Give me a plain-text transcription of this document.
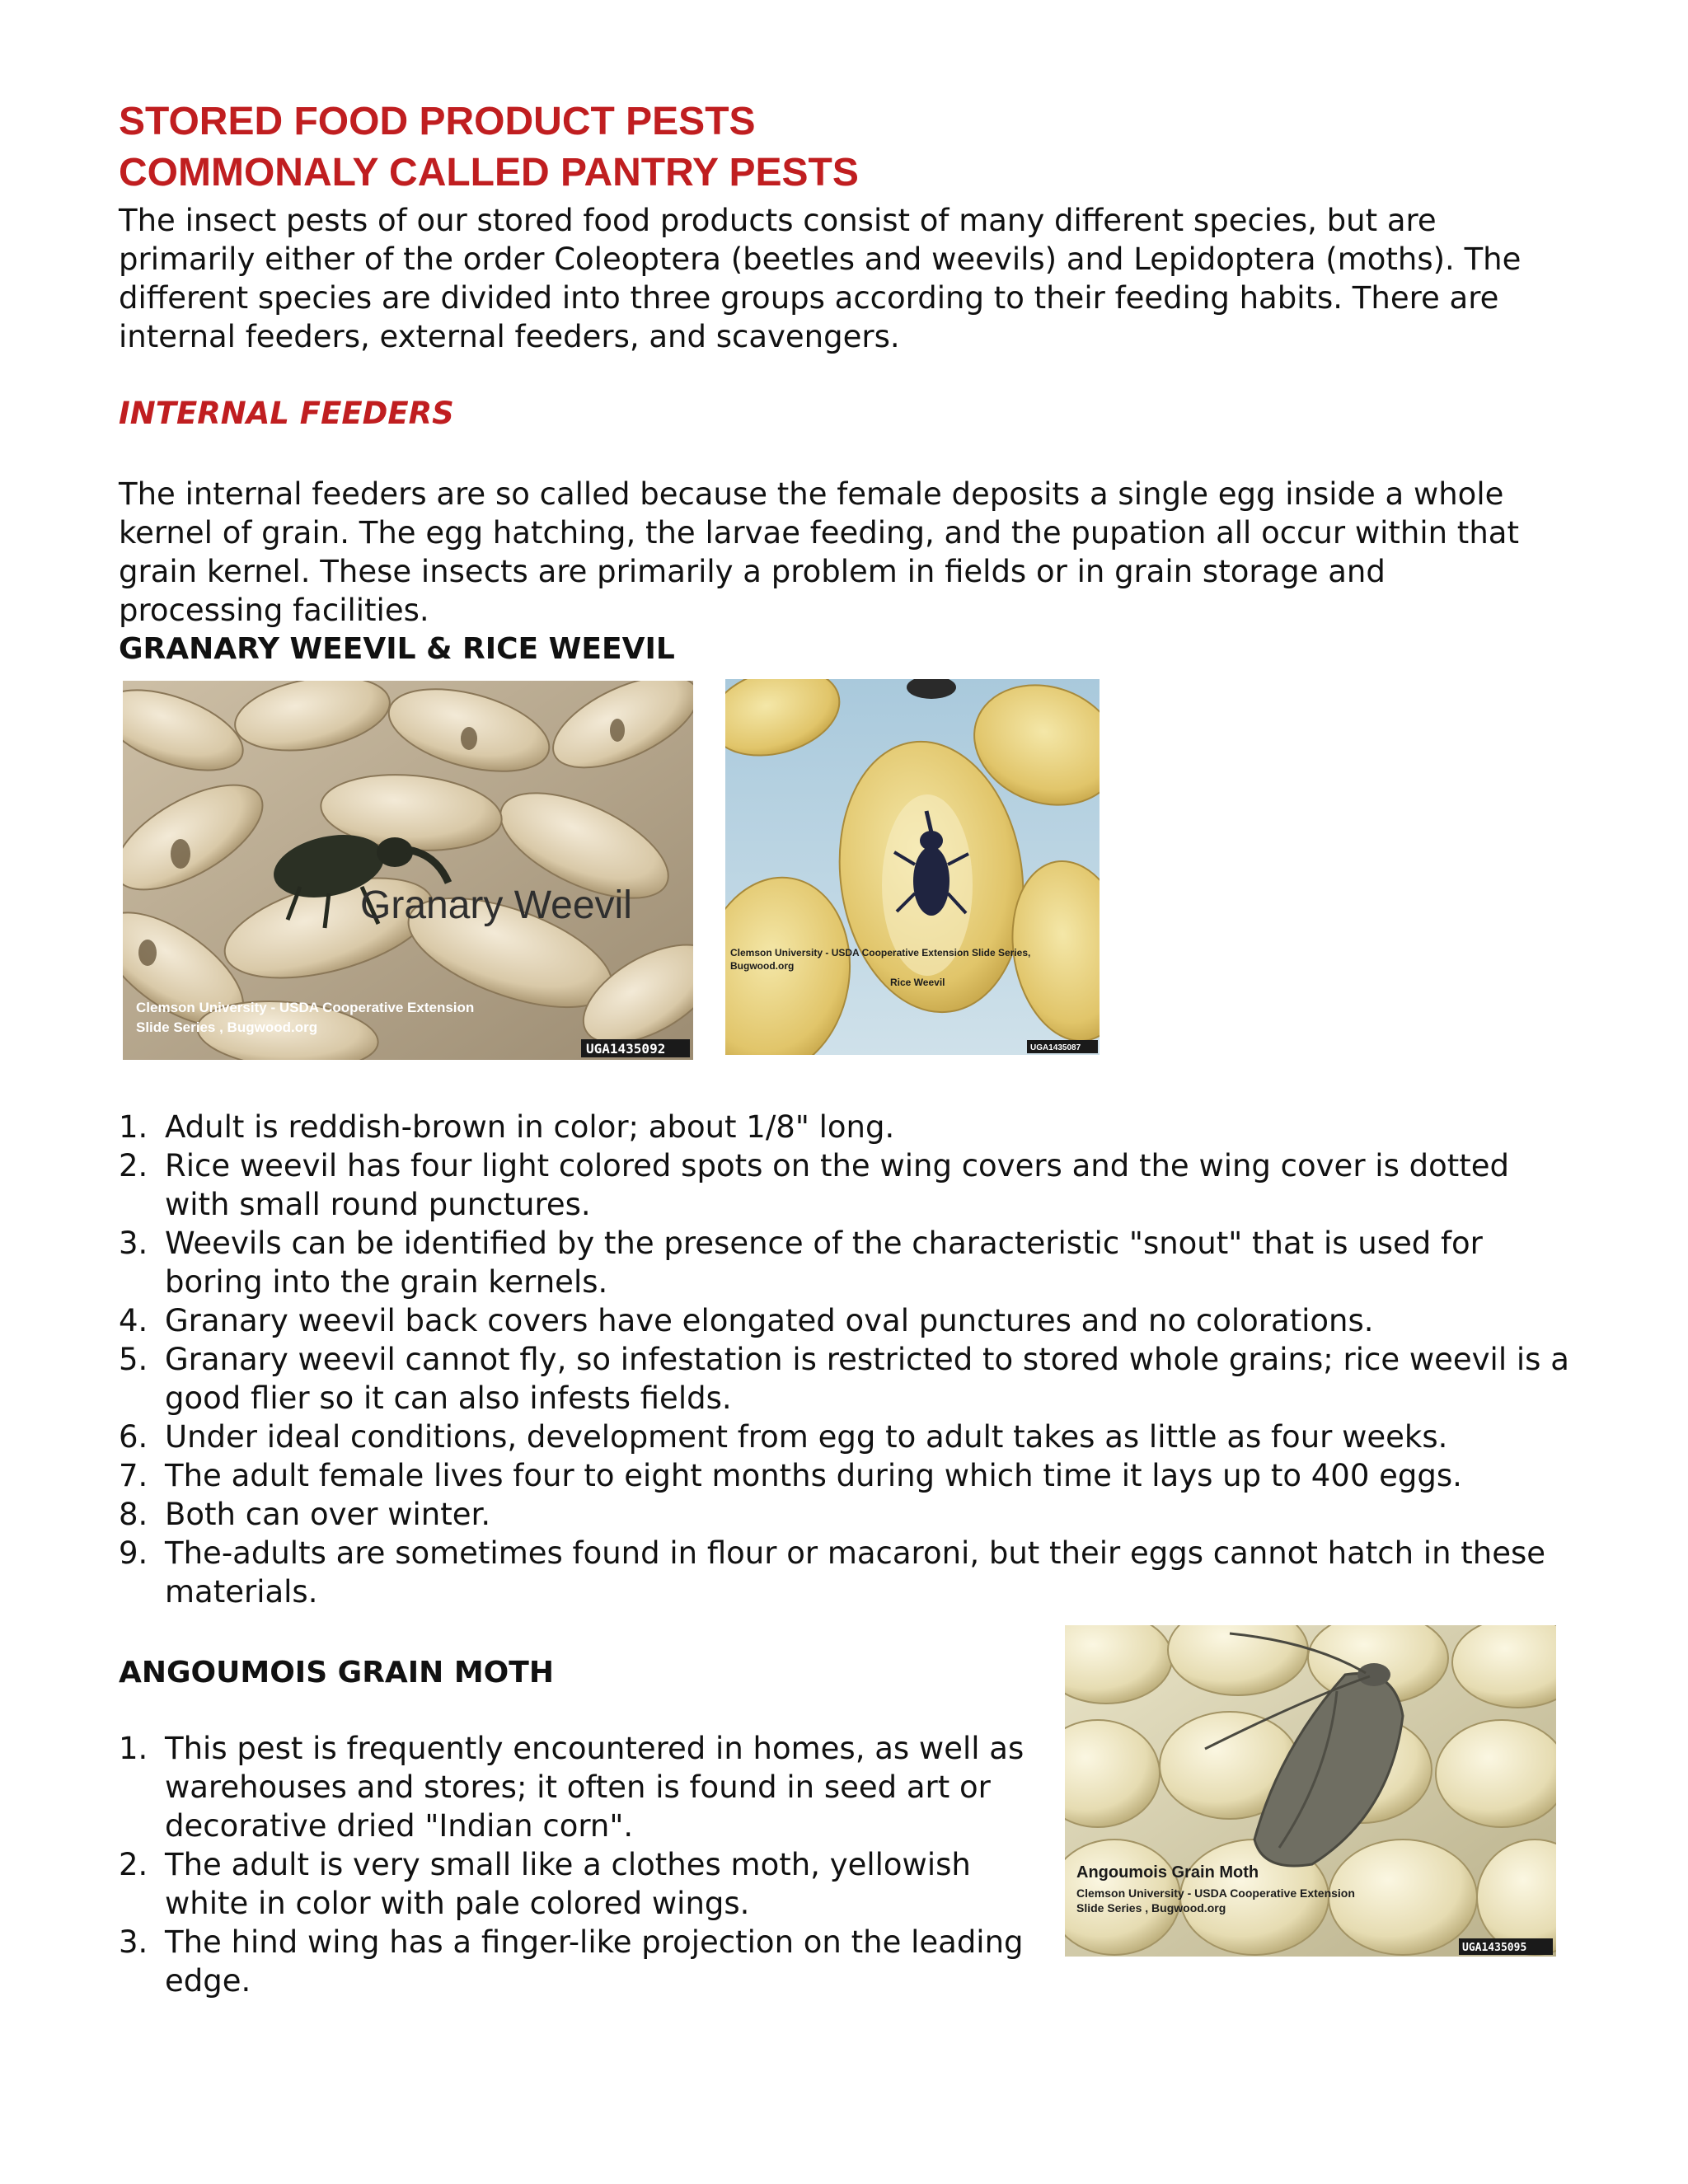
STORED FOOD PRODUCT PESTS
COMMONALY CALLED PANTRY PESTS

The insect pests of our stored food products consist of many different species, but are primarily either of the order Coleoptera (beetles and weevils) and Lepidoptera (moths). The different species are divided into three groups according to their feeding habits. There are internal feeders, external feeders, and scavengers.

INTERNAL FEEDERS

The internal feeders are so called because the female deposits a single egg inside a whole kernel of grain. The egg hatching, the larvae feeding, and the pupation all occur within that grain kernel. These insects are primarily a problem in fields or in grain storage and processing facilities.

GRANARY WEEVIL & RICE WEEVIL
Granary Weevil
Clemson University - USDA Cooperative Extension
Slide Series , Bugwood.org
UGA1435092
Clemson University - USDA Cooperative Extension Slide Series,
Bugwood.org
Rice Weevil
UGA1435087
1. Adult is reddish-brown in color; about 1/8" long.
2. Rice weevil has four light colored spots on the wing covers and the wing cover is dotted with small round punctures.
3. Weevils can be identified by the presence of the characteristic "snout" that is used for boring into the grain kernels.
4. Granary weevil back covers have elongated oval punctures and no colorations.
5. Granary weevil cannot fly, so infestation is restricted to stored whole grains; rice weevil is a good flier so it can also infests fields.
6. Under ideal conditions, development from egg to adult takes as little as four weeks.
7. The adult female lives four to eight months during which time it lays up to 400 eggs.
8. Both can over winter.
9. The-adults are sometimes found in flour or macaroni, but their eggs cannot hatch in these materials.
ANGOUMOIS GRAIN MOTH
Angoumois Grain Moth
Clemson University - USDA Cooperative Extension
Slide Series , Bugwood.org
UGA1435095
1. This pest is frequently encountered in homes, as well as warehouses and stores; it often is found in seed art or decorative dried "Indian corn".
2. The adult is very small like a clothes moth, yellowish white in color with pale colored wings.
3. The hind wing has a finger-like projection on the leading edge.
